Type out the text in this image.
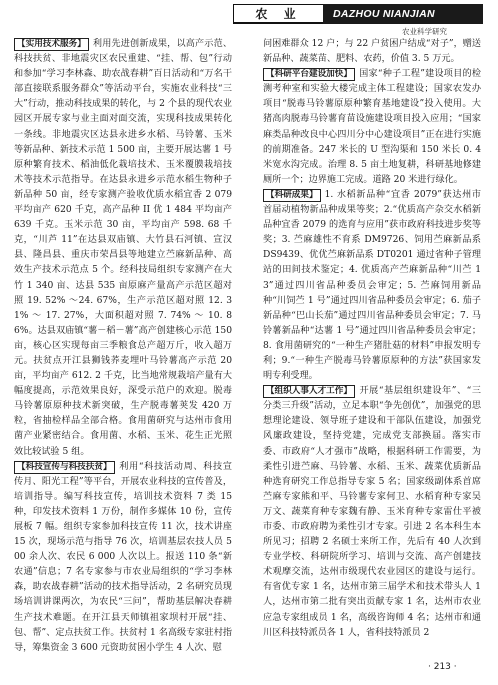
农 业	DAZHOU NIANJIAN
农业科学研究

【实用技术服务】 利用先进创新成果，以高产示范、科技扶贫、非地震灾区农民重建、“挂、帮、包”行动和参加“学习李林森、助农战春耕”百日活动和“万名干部直接联系服务群众”等活动平台，实施农业科技“三大”行动，推动科技成果的转化，与 2 个县的现代农业园区开展专家与业主面对面交流，实现科技成果转化一条线。非地震灾区达县永进乡水稻、马铃薯、玉米等新品种、新技术示范 1 500 亩，主要开展达薯 1 号原种繁育技术、稻油低化栽培技术、玉米覆膜栽培技术等技术示范指导。在达县永进乡示范水稻生物种子新品种 50 亩，经专家测产验收优质水稻宜香 2 079 平均亩产 620 千克，高产品种 II 优 1 484 平均亩产 639 千克。玉米示范 30 亩，平均亩产 598. 68 千克，“川芦 11”在达县双庙镇、大竹县石河镇、宣汉县、隆昌县、重庆市荣昌县等地建立苎麻新品种、高效生产技术示范点 5 个。经科技局组织专家测产在大竹 1 340 亩、达县 535 亩原麻产量高产示范区超对照 19. 52% ～24. 67%，生产示范区超对照 12. 31% ～ 17. 27%，大面积超对照 7. 74% ～ 10. 86%。达县双庙镇“薯－稻－薯”高产创建核心示范 150 亩，核心区实现每亩三季粮食总产超万斤，收入超万元。扶贫点开江县狮钱荞麦埋叶马铃薯高产示范 20 亩，平均亩产 612. 2 千克，比当地常规栽培产量有大幅度提高，示范效果良好，深受示范户的欢迎。脱毒马铃薯原原种技术新突破，生产脱毒薯荚发 420 万粒，省抽检样品全部合格。食用菌研究与达州市食用菌产业紧密结合。食用菌、水稻、玉米、花生正光照效比较试验 5 组。

【科技宣传与科技扶贫】 利用“科技活动周、科技宣传月、阳光工程”等平台，开展农业科技的宣传普及，培训指导。编写科技宣传，培训技术资料 7 类 15 种，印发技术资料 1 万份，制作多媒体 10 份，宣传展板 7 幅。组织专家参加科技宣传 11 次，技术讲座 15 次，现场示范与指导 76 次，培训基层农技人员 500 余人次、农民 6 000 人次以上。报送 110 条“新农通”信息；7 名专家参与市农业局组织的“学习李林森，助农战春耕”活动的技术指导活动，2 名研究员现场培训讲课两次，为农民“三问”，帮助基层解决春耕生产技术难题。在开江县天师镇祖家坝村开展“挂、包、帮”、定点扶贫工作。扶贫村 1 名高级专家驻村指导，筹集资金 3 600 元资助贫困小学生 4 人次、慰

问困难群众 12 户；与 22 户贫困户结成“对子”，赠送新品种、蔬菜苗、肥料、农药，价值 3. 5 万元。

【科研平台建设加快】 国家“种子工程”建设项目的检测考种室和实验大楼完成主体工程建设；国家农发办项目“脱毒马铃薯原原种繁育基地建设”投入使用。大猪高肉脱毒马铃薯育苗设施建设项目投入应用；“国家麻类品种改良中心四川分中心建设项目”正在进行实施的前期准备。247 米长的 U 型沟渠和 150 米长 0. 4 米宽水沟完成。治理 8. 5 亩土地复耕，科研基地修建厕所一个；边界施工完成。道路 20 米进行绿化。

【科研成果】 1. 水稻新品种“宜香 2079”获达州市首届动植物新品种成果等奖；2.“优质高产杂交水稻新品种宜香 2079 的选育与应用”获市政府科技进步奖等奖；3. 苎麻雄性不育系 DM9726、饲用苎麻新品系 DS9439、优优苎麻新品系 DT0201 通过省种子管理站的田间技术鉴定；4. 优质高产苎麻新品种“川苎 13”通过四川省品种委员会审定；5. 苎麻饲用新品种“川饲苎 1 号”通过四川省品种委员会审定；6. 茄子新品种“巴山长茄”通过四川省品种委员会审定；7. 马铃薯新品种“达薯 1 号”通过四川省品种委员会审定；8. 食用菌研究的“一种生产猪肚菇的材料”申报发明专利；9.“一种生产脱毒马铃薯原原种的方法”获国家发明专利受理。

【组织人事人才工作】 开展“基层组织建设年”、“三分类三升级”活动，立足本职“争先创优”，加强党的思想理论建设、领导班子建设和干部队伍建设，加强党风廉政建设，坚持党建，完成党支部换届。落实市委、市政府“人才强市”战略，根据科研工作需要，为柔性引进苎麻、马铃薯、水稻、玉米、蔬菜优质新品种选育研究工作总指导专家 5 名；国家级副体系首席苎麻专家熊和平、马铃薯专家何卫、水稻育种专家吴万文、蔬菜育种专家魏有静、玉米育种专家雷仕平被市委、市政府聘为柔性引才专家。引进 2 名本科生本所见习；招聘 2 名硕士来所工作，先后有 40 人次到专业学校、科研院所学习、培训与交流、高产创建技术观摩交流，达州市级现代农业园区的建设与运行。有省优专家 1 名，达州市第三届学术和技术带头人 1 人，达州市第二批有突出贡献专家 1 名，达州市农业应急专家组成员 1 名，高级咨询师 4 名；达州市和通川区科技特派员各 1 人，省科技特派员 2

· 213 ·
